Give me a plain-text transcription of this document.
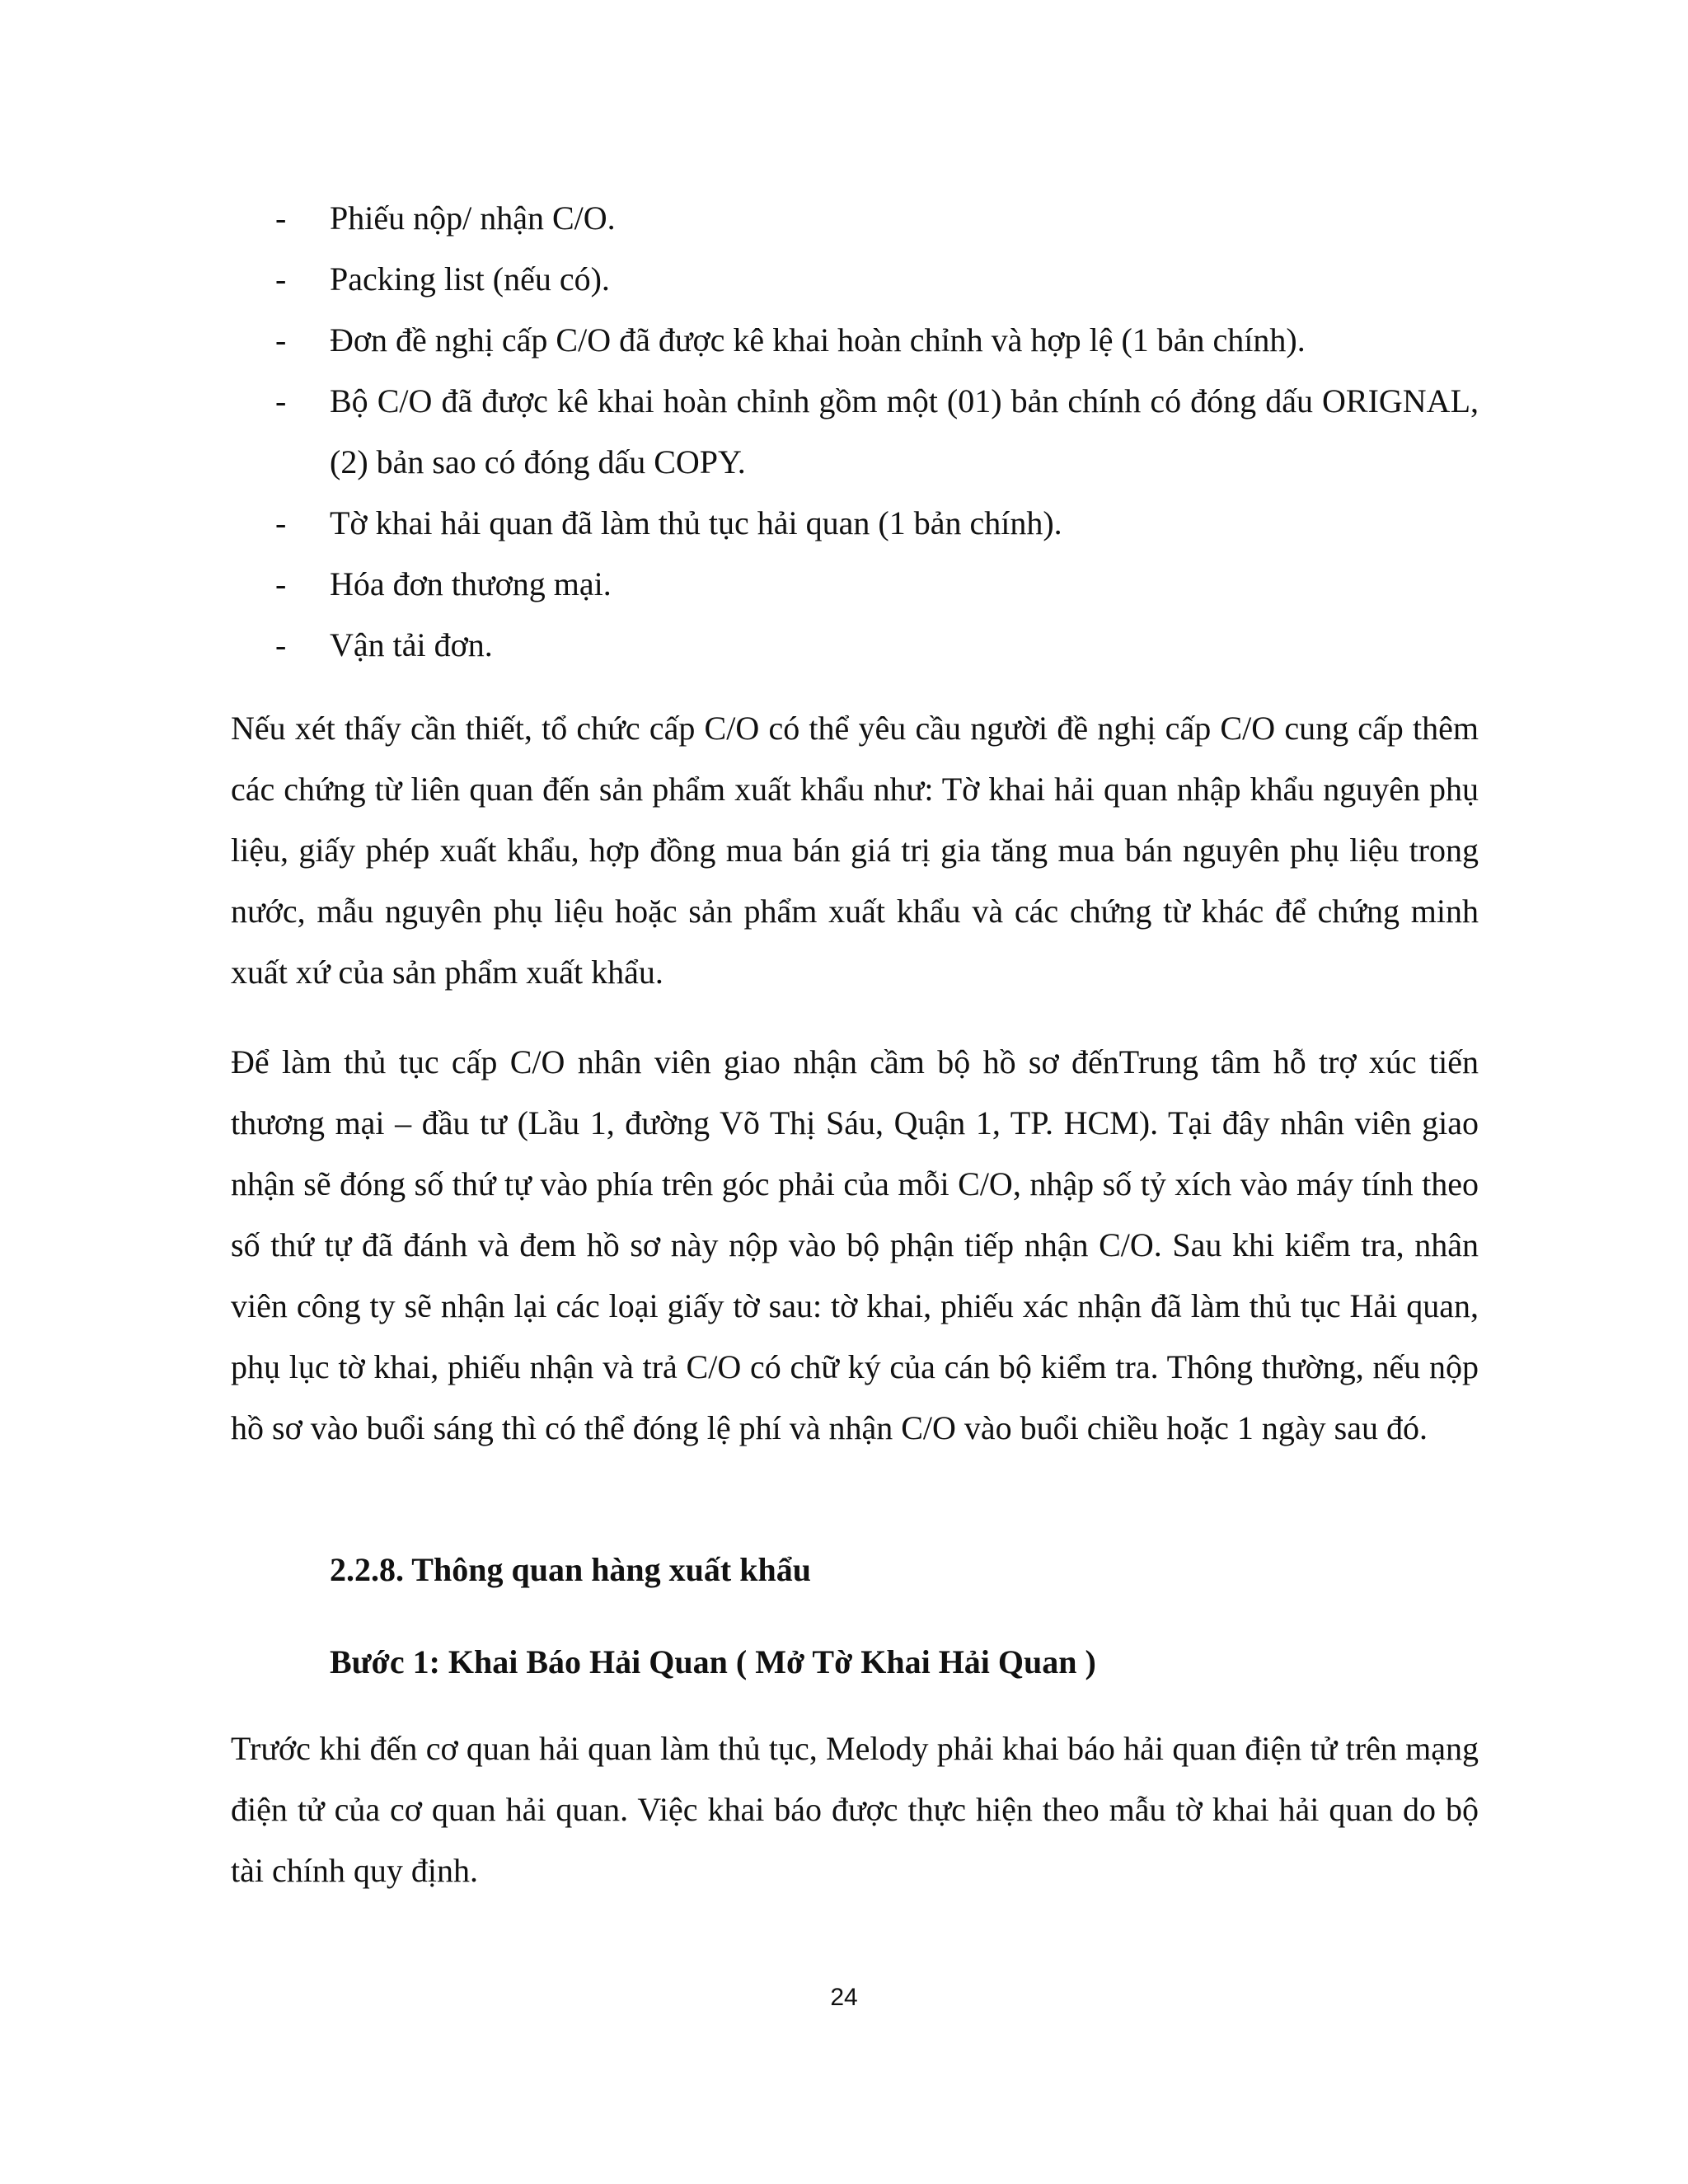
- Phiếu nộp/ nhận C/O.
- Packing list (nếu có).
- Đơn đề nghị cấp C/O đã được kê khai hoàn chỉnh và hợp lệ (1 bản chính).
- Bộ C/O đã được kê khai hoàn chỉnh gồm một (01) bản chính có đóng dấu ORIGNAL, (2) bản sao có đóng dấu COPY.
- Tờ khai hải quan đã làm thủ tục hải quan (1 bản chính).
- Hóa đơn thương mại.
- Vận tải đơn.

Nếu xét thấy cần thiết, tổ chức cấp C/O có thể yêu cầu người đề nghị cấp C/O cung cấp thêm các chứng từ liên quan đến sản phẩm xuất khẩu như: Tờ khai hải quan nhập khẩu nguyên phụ liệu, giấy phép xuất khẩu, hợp đồng mua bán giá trị gia tăng mua bán nguyên phụ liệu trong nước, mẫu nguyên phụ liệu hoặc sản phẩm xuất khẩu và các chứng từ khác để chứng minh xuất xứ của sản phẩm xuất khẩu.

Để làm thủ tục cấp C/O nhân viên giao nhận cầm bộ hồ sơ đếnTrung tâm hỗ trợ xúc tiến thương mại – đầu tư (Lầu 1, đường Võ Thị Sáu, Quận 1, TP. HCM). Tại đây nhân viên giao nhận sẽ đóng số thứ tự vào phía trên góc phải của mỗi C/O, nhập số tỷ xích vào máy tính theo số thứ tự đã đánh và đem hồ sơ này nộp vào bộ phận tiếp nhận C/O. Sau khi kiểm tra, nhân viên công ty sẽ nhận lại các loại giấy tờ sau: tờ khai, phiếu xác nhận đã làm thủ tục Hải quan, phụ lục tờ khai, phiếu nhận và trả C/O có chữ ký của cán bộ kiểm tra. Thông thường, nếu nộp hồ sơ vào buổi sáng thì có thể đóng lệ phí và nhận C/O vào buổi chiều hoặc 1 ngày sau đó.

2.2.8. Thông quan hàng xuất khẩu
Bước 1: Khai Báo Hải Quan ( Mở Tờ Khai Hải Quan )

Trước khi đến cơ quan hải quan làm thủ tục, Melody phải khai báo hải quan điện tử trên mạng điện tử của cơ quan hải quan. Việc khai báo được thực hiện theo mẫu tờ khai hải quan do bộ tài chính quy định.

24
